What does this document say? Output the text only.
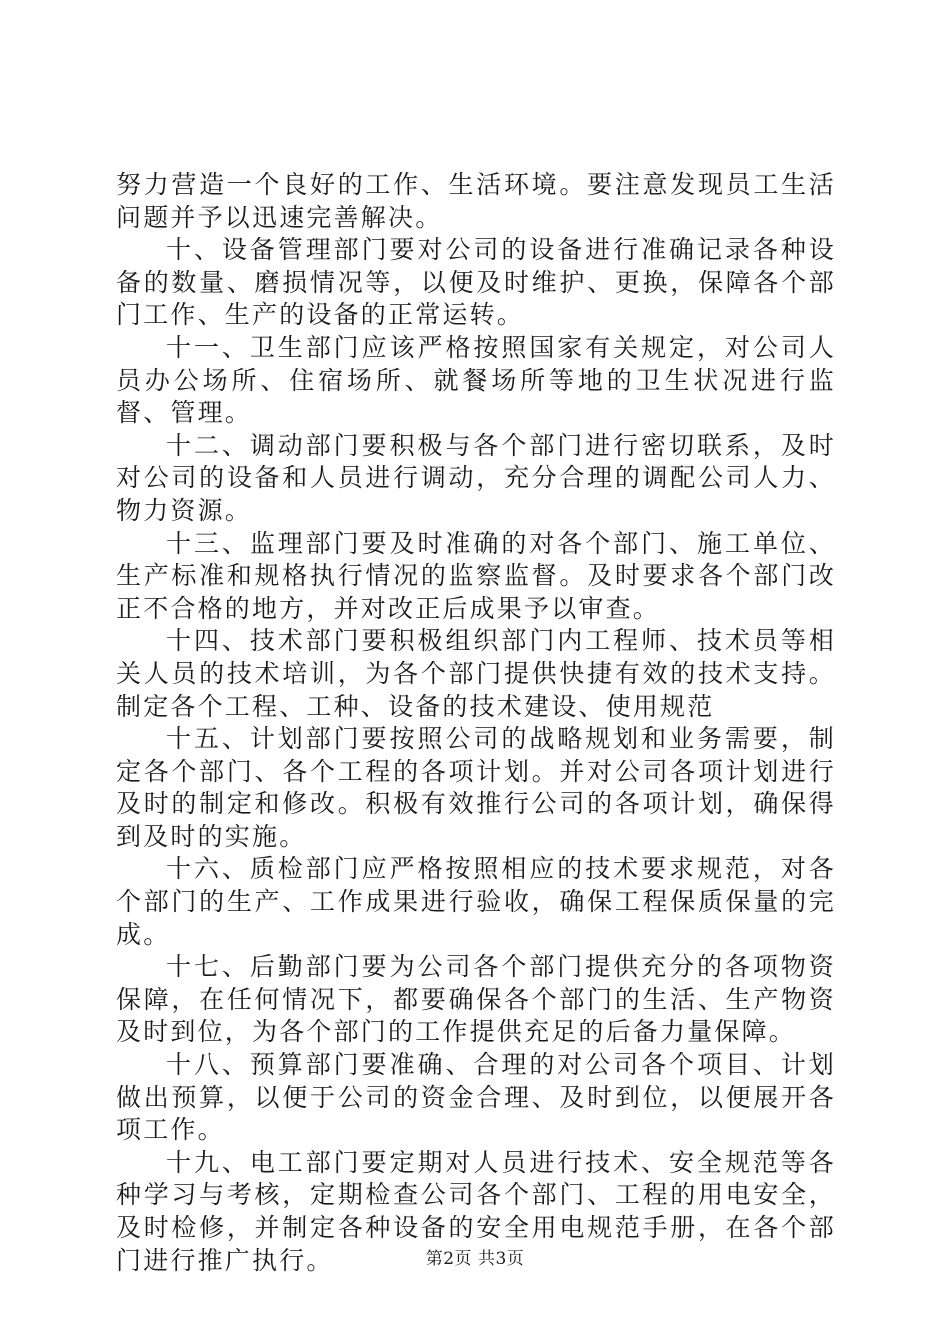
努力营造一个良好的工作、生活环境。要注意发现员工生活问题并予以迅速完善解决。

十、设备管理部门要对公司的设备进行准确记录各种设备的数量、磨损情况等，以便及时维护、更换，保障各个部门工作、生产的设备的正常运转。

十一、卫生部门应该严格按照国家有关规定，对公司人员办公场所、住宿场所、就餐场所等地的卫生状况进行监督、管理。

十二、调动部门要积极与各个部门进行密切联系，及时对公司的设备和人员进行调动，充分合理的调配公司人力、物力资源。

十三、监理部门要及时准确的对各个部门、施工单位、生产标准和规格执行情况的监察监督。及时要求各个部门改正不合格的地方，并对改正后成果予以审查。

十四、技术部门要积极组织部门内工程师、技术员等相关人员的技术培训，为各个部门提供快捷有效的技术支持。制定各个工程、工种、设备的技术建设、使用规范

十五、计划部门要按照公司的战略规划和业务需要，制定各个部门、各个工程的各项计划。并对公司各项计划进行及时的制定和修改。积极有效推行公司的各项计划，确保得到及时的实施。

十六、质检部门应严格按照相应的技术要求规范，对各个部门的生产、工作成果进行验收，确保工程保质保量的完成。

十七、后勤部门要为公司各个部门提供充分的各项物资保障，在任何情况下，都要确保各个部门的生活、生产物资及时到位，为各个部门的工作提供充足的后备力量保障。

十八、预算部门要准确、合理的对公司各个项目、计划做出预算，以便于公司的资金合理、及时到位，以便展开各项工作。

十九、电工部门要定期对人员进行技术、安全规范等各种学习与考核，定期检查公司各个部门、工程的用电安全，及时检修，并制定各种设备的安全用电规范手册，在各个部门进行推广执行。	第2页 共3页
